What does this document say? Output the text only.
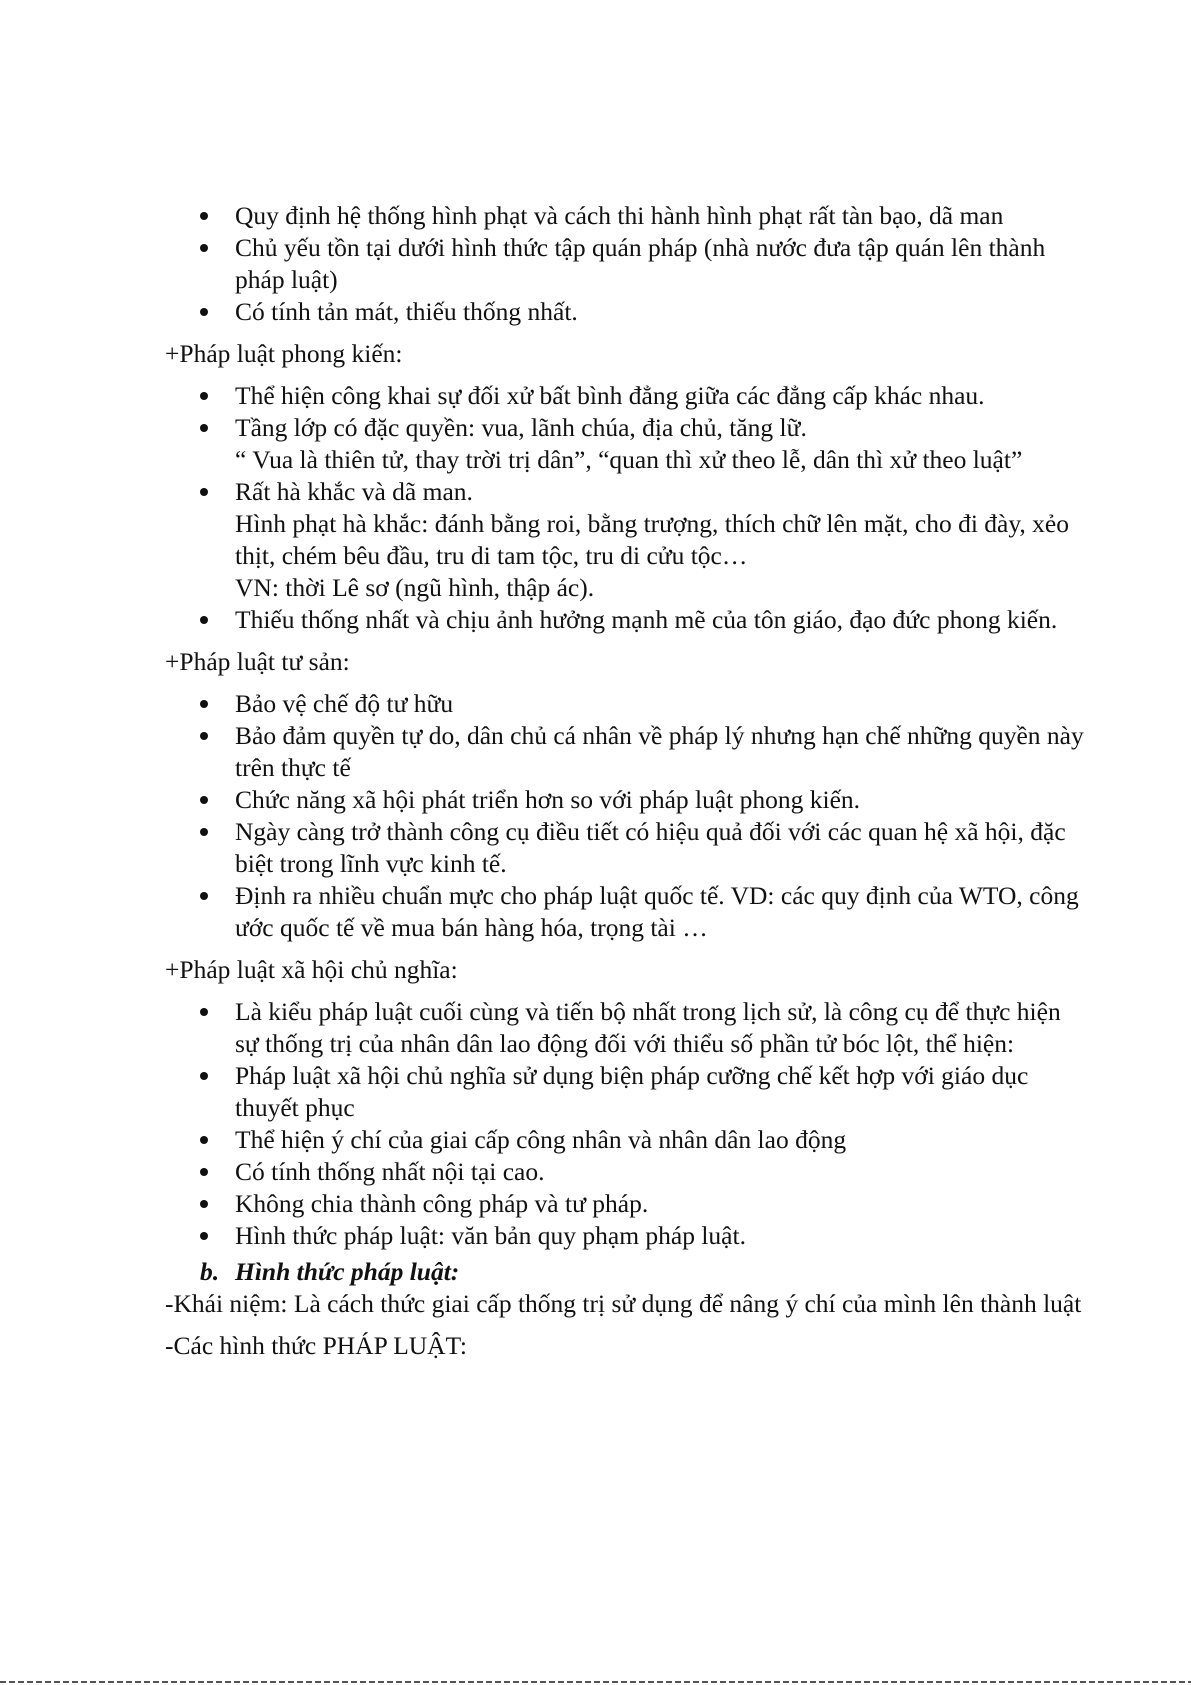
Quy định hệ thống hình phạt và cách thi hành hình phạt rất tàn bạo, dã man
Chủ yếu tồn tại dưới hình thức tập quán pháp (nhà nước đưa tập quán lên thành pháp luật)
Có tính tản mát, thiếu thống nhất.
+Pháp luật phong kiến:
Thể hiện công khai sự đối xử bất bình đẳng giữa các đẳng cấp khác nhau.
Tầng lớp có đặc quyền: vua, lãnh chúa, địa chủ, tăng lữ.
“ Vua là thiên tử, thay trời trị dân”, “quan thì xử theo lễ, dân thì xử theo luật”
Rất hà khắc và dã man.
Hình phạt hà khắc: đánh bằng roi, bằng trượng, thích chữ lên mặt, cho đi đày, xẻo thịt, chém bêu đầu, tru di tam tộc, tru di cửu tộc…
VN: thời Lê sơ (ngũ hình, thập ác).
Thiếu thống nhất và chịu ảnh hưởng mạnh mẽ của tôn giáo, đạo đức phong kiến.
+Pháp luật tư sản:
Bảo vệ chế độ tư hữu
Bảo đảm quyền tự do, dân chủ cá nhân về pháp lý nhưng hạn chế những quyền này trên thực tế
Chức năng xã hội phát triển hơn so với pháp luật phong kiến.
Ngày càng trở thành công cụ điều tiết có hiệu quả đối với các quan hệ xã hội, đặc biệt trong lĩnh vực kinh tế.
Định ra nhiều chuẩn mực cho pháp luật quốc tế. VD: các quy định của WTO, công ước quốc tế về mua bán hàng hóa, trọng tài …
+Pháp luật xã hội chủ nghĩa:
Là kiểu pháp luật cuối cùng và tiến bộ nhất trong lịch sử, là công cụ để thực hiện sự thống trị của nhân dân lao động đối với thiểu số phần tử bóc lột, thể hiện:
Pháp luật xã hội chủ nghĩa sử dụng biện pháp cưỡng chế kết hợp với giáo dục thuyết phục
Thể hiện ý chí của giai cấp công nhân và nhân dân lao động
Có tính thống nhất nội tại cao.
Không chia thành công pháp và tư pháp.
Hình thức pháp luật: văn bản quy phạm pháp luật.
b. Hình thức pháp luật:

-Khái niệm: Là cách thức giai cấp thống trị sử dụng để nâng ý chí của mình lên thành luật

-Các hình thức PHÁP LUẬT:
